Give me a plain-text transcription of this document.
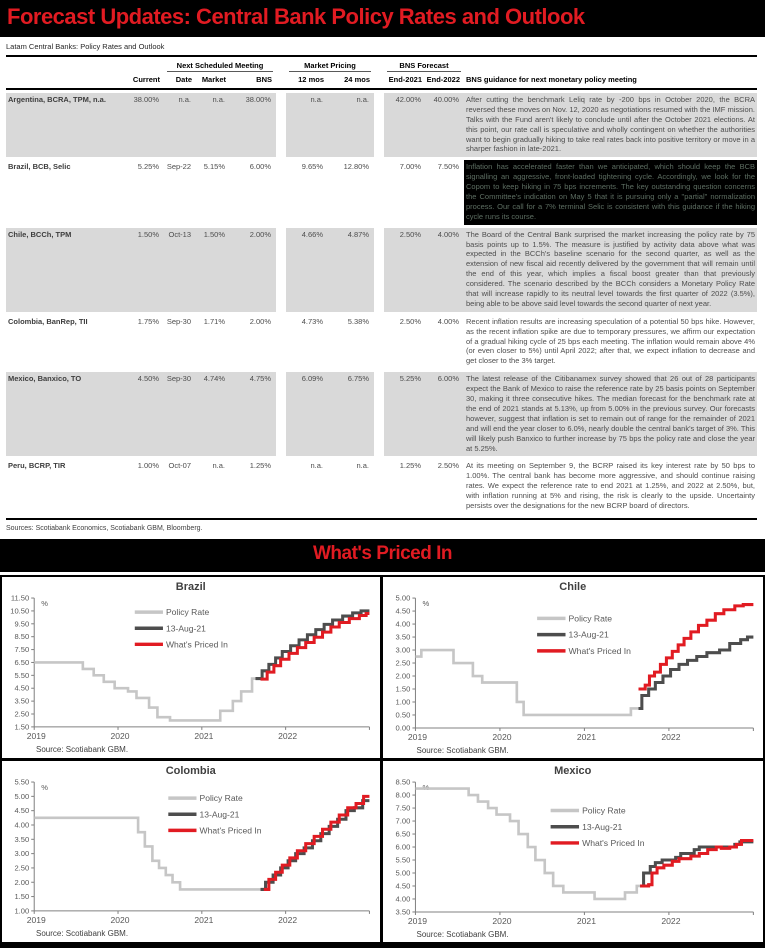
Forecast Updates: Central Bank Policy Rates and Outlook
Latam Central Banks: Policy Rates and Outlook
Next Scheduled Meeting	Market Pricing	BNS Forecast
Current	Date	Market	BNS	12 mos	24 mos	End-2021 End-2022 BNS guidance for next monetary policy meeting
Argentina, BCRA, TPM, n.a.	38.00%	n.a.	n.a.	38.00%	n.a.	n.a.	42.00%	40.00% After cutting the benchmark Leliq rate by -200 bps in October 2020, the BCRA reversed these moves on Nov. 12, 2020 as negotiations resumed with the IMF mission. Talks with the Fund aren't likely to conclude until after the October 2021 elections. At this point, our rate call is speculative and wholly contingent on whether the authorities want to begin gradually hiking to take real rates back into positive territory or move in a sharper fashion in late-2021.
Brazil, BCB, Selic	5.25%	Sep-22	5.15%	6.00%	9.65%	12.80%	7.00%	7.50% Inflation has accelerated faster than we anticipated, which should keep the BCB signalling an aggressive, front-loaded tightening cycle. Accordingly, we look for the Copom to keep hiking in 75 bps increments. The key outstanding question concerns the Committee's indication on May 5 that it is pursuing only a "partial" normalization process. Our call for a 7% terminal Selic is consistent with this guidance if the hiking cycle runs its course.
Chile, BCCh, TPM	1.50%	Oct-13	1.50%	2.00%	4.66%	4.87%	2.50%	4.00% The Board of the Central Bank surprised the market increasing the policy rate by 75 basis points up to 1.5%. The measure is justified by activity data above what was expected in the BCCh's baseline scenario for the second quarter, as well as the extension of new fiscal aid recently delivered by the government that will remain until the end of this year, which implies a fiscal boost greater than that previously considered. The scenario described by the BCCh considers a Monetary Policy Rate that will increase rapidly to its neutral level towards the first quarter of 2022 (3.5%), being able to be above said level towards the second quarter of next year.
Colombia, BanRep, TII	1.75%	Sep-30	1.71%	2.00%	4.73%	5.38%	2.50%	4.00% Recent inflation results are increasing speculation of a potential 50 bps hike. However, as the recent inflation spike are due to temporary pressures, we affirm our expectation of a gradual hiking cycle of 25 bps each meeting. The inflation would remain above 4% (or even closer to 5%) until April 2022; after that, we expect inflation to decrease and get closer to the 3% target.
Mexico, Banxico, TO	4.50%	Sep-30	4.74%	4.75%	6.09%	6.75%	5.25%	6.00% The latest release of the Citibanamex survey showed that 26 out of 28 participants expect the Bank of Mexico to raise the reference rate by 25 basis points on September 30, making it three consecutive hikes. The median forecast for the benchmark rate at the end of 2021 stands at 5.13%, up from 5.00% in the previous survey. Our forecasts however, suggest that inflation is set to remain out of range for the remainder of 2021 and will end the year closer to 6.0%, nearly double the central bank's target of 3%. This will likely push Banxico to further increase by 75 bps the policy rate and close the year at 5.25%.
Peru, BCRP, TIR	1.00%	Oct-07	n.a.	1.25%	n.a.	n.a.	1.25%	2.50% At its meeting on September 9, the BCRP raised its key interest rate by 50 bps to 1.00%. The central bank has become more aggressive, and should continue raising rates. We expect the reference rate to end 2021 at 1.25%, and 2022 at 2.50%, but, with inflation running at 5% and rising, the risk is clearly to the upside. Uncertainty persists over the designations for the new BCRP board of directors.
Sources: Scotiabank Economics, Scotiabank GBM, Bloomberg.
What's Priced In
Brazil
1.50
2.50
3.50
4.50
5.50
6.50
7.50
8.50
9.50
10.50
11.50
%
2019	2020	2021	2022
Policy Rate
13-Aug-21
What's Priced In
Source: Scotiabank GBM.
Chile
0.00
0.50
1.00
1.50
2.00
2.50
3.00
3.50
4.00
4.50
5.00
%
2019	2020	2021	2022
Policy Rate
13-Aug-21
What's Priced In
Source: Scotiabank GBM.
Colombia
1.00
1.50
2.00
2.50
3.00
3.50
4.00
4.50
5.00
5.50
%
2019	2020	2021	2022
Policy Rate
13-Aug-21
What's Priced In
Source: Scotiabank GBM.
Mexico
3.50
4.00
4.50
5.00
5.50
6.00
6.50
7.00
7.50
8.00
8.50
%
2019	2020	2021	2022
Policy Rate
13-Aug-21
What's Priced In
Source: Scotiabank GBM.
